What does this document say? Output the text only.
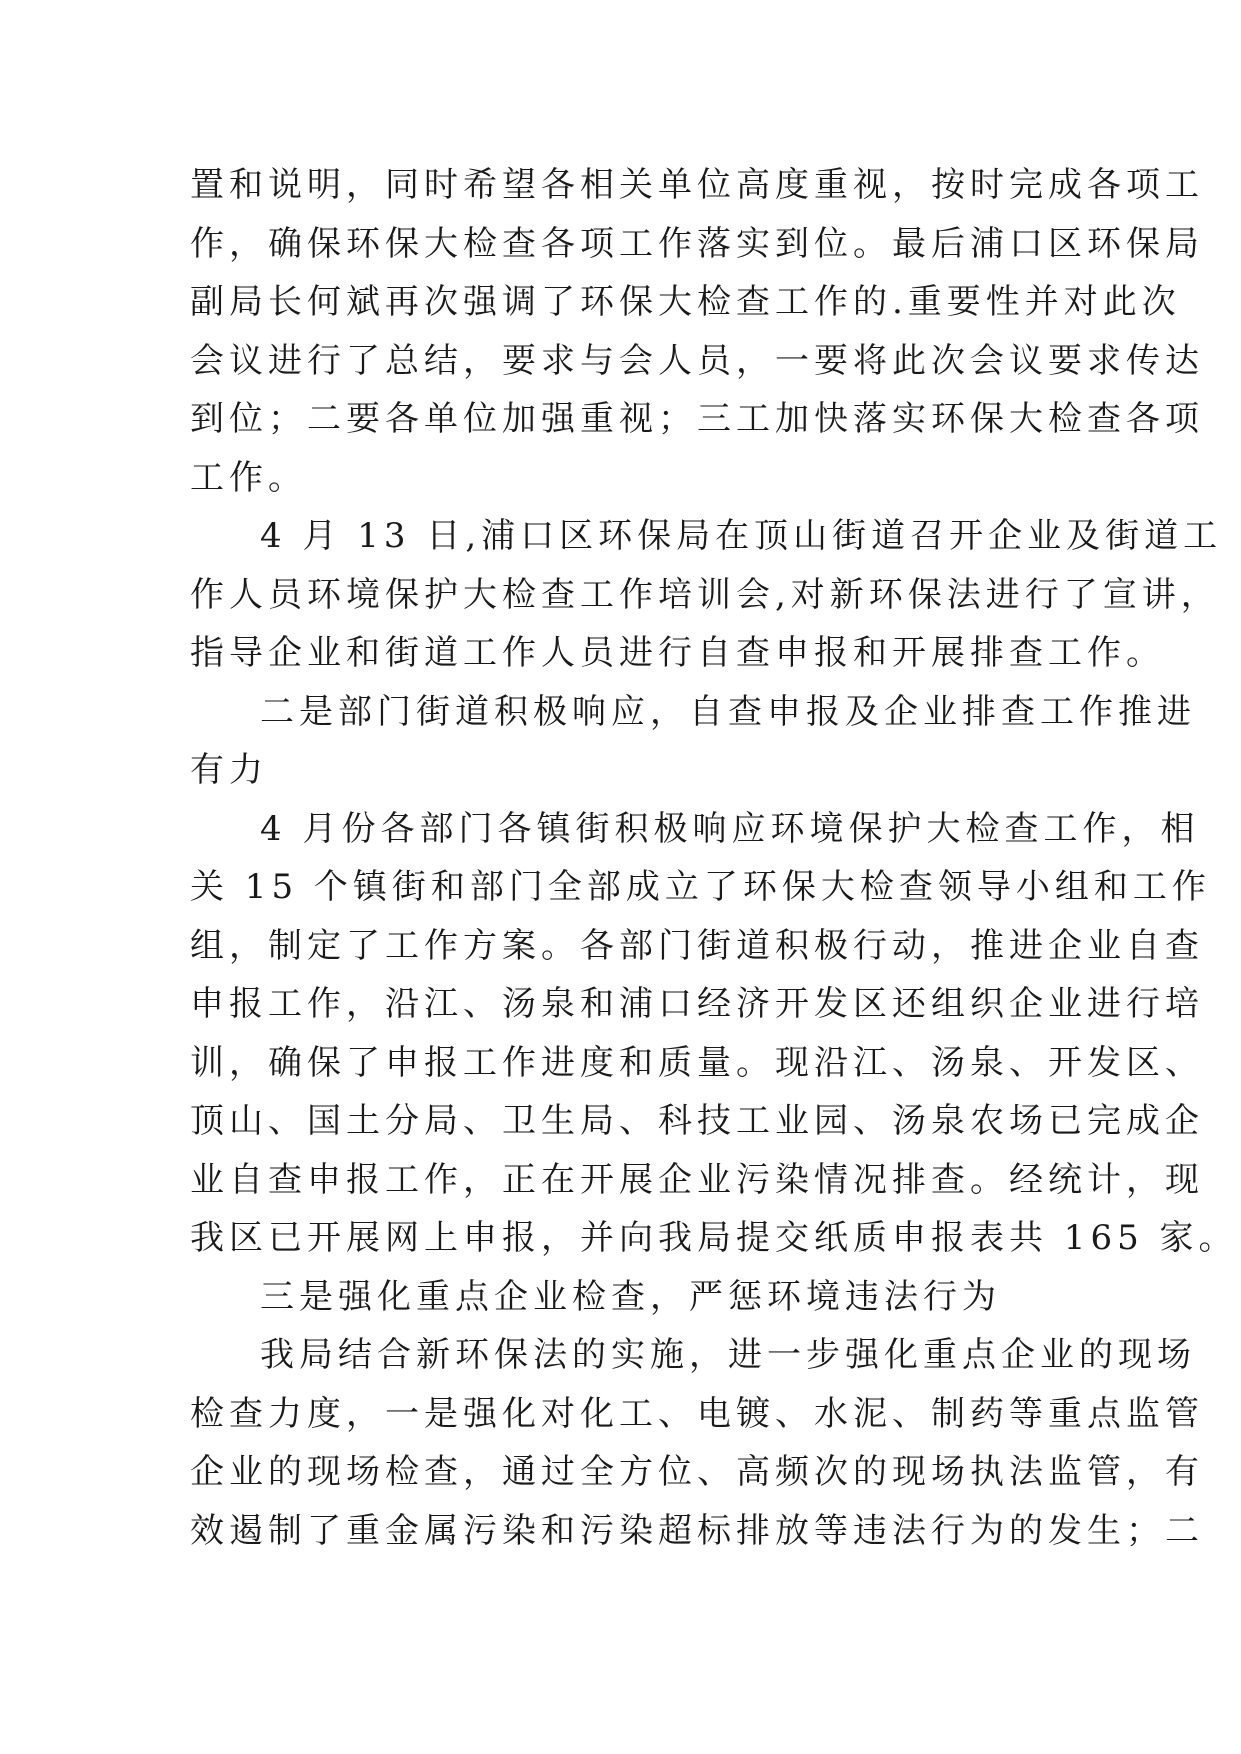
置和说明，同时希望各相关单位高度重视，按时完成各项工
作，确保环保大检查各项工作落实到位。最后浦口区环保局
副局长何斌再次强调了环保大检查工作的.重要性并对此次
会议进行了总结，要求与会人员，一要将此次会议要求传达
到位；二要各单位加强重视；三工加快落实环保大检查各项
工作。
4 月 13 日,浦口区环保局在顶山街道召开企业及街道工
作人员环境保护大检查工作培训会,对新环保法进行了宣讲，
指导企业和街道工作人员进行自查申报和开展排查工作。
二是部门街道积极响应，自查申报及企业排查工作推进
有力
4 月份各部门各镇街积极响应环境保护大检查工作，相
关 15 个镇街和部门全部成立了环保大检查领导小组和工作
组，制定了工作方案。各部门街道积极行动，推进企业自查
申报工作，沿江、汤泉和浦口经济开发区还组织企业进行培
训，确保了申报工作进度和质量。现沿江、汤泉、开发区、
顶山、国土分局、卫生局、科技工业园、汤泉农场已完成企
业自查申报工作，正在开展企业污染情况排查。经统计，现
我区已开展网上申报，并向我局提交纸质申报表共 165 家。
三是强化重点企业检查，严惩环境违法行为
我局结合新环保法的实施，进一步强化重点企业的现场
检查力度，一是强化对化工、电镀、水泥、制药等重点监管
企业的现场检查，通过全方位、高频次的现场执法监管，有
效遏制了重金属污染和污染超标排放等违法行为的发生；二
